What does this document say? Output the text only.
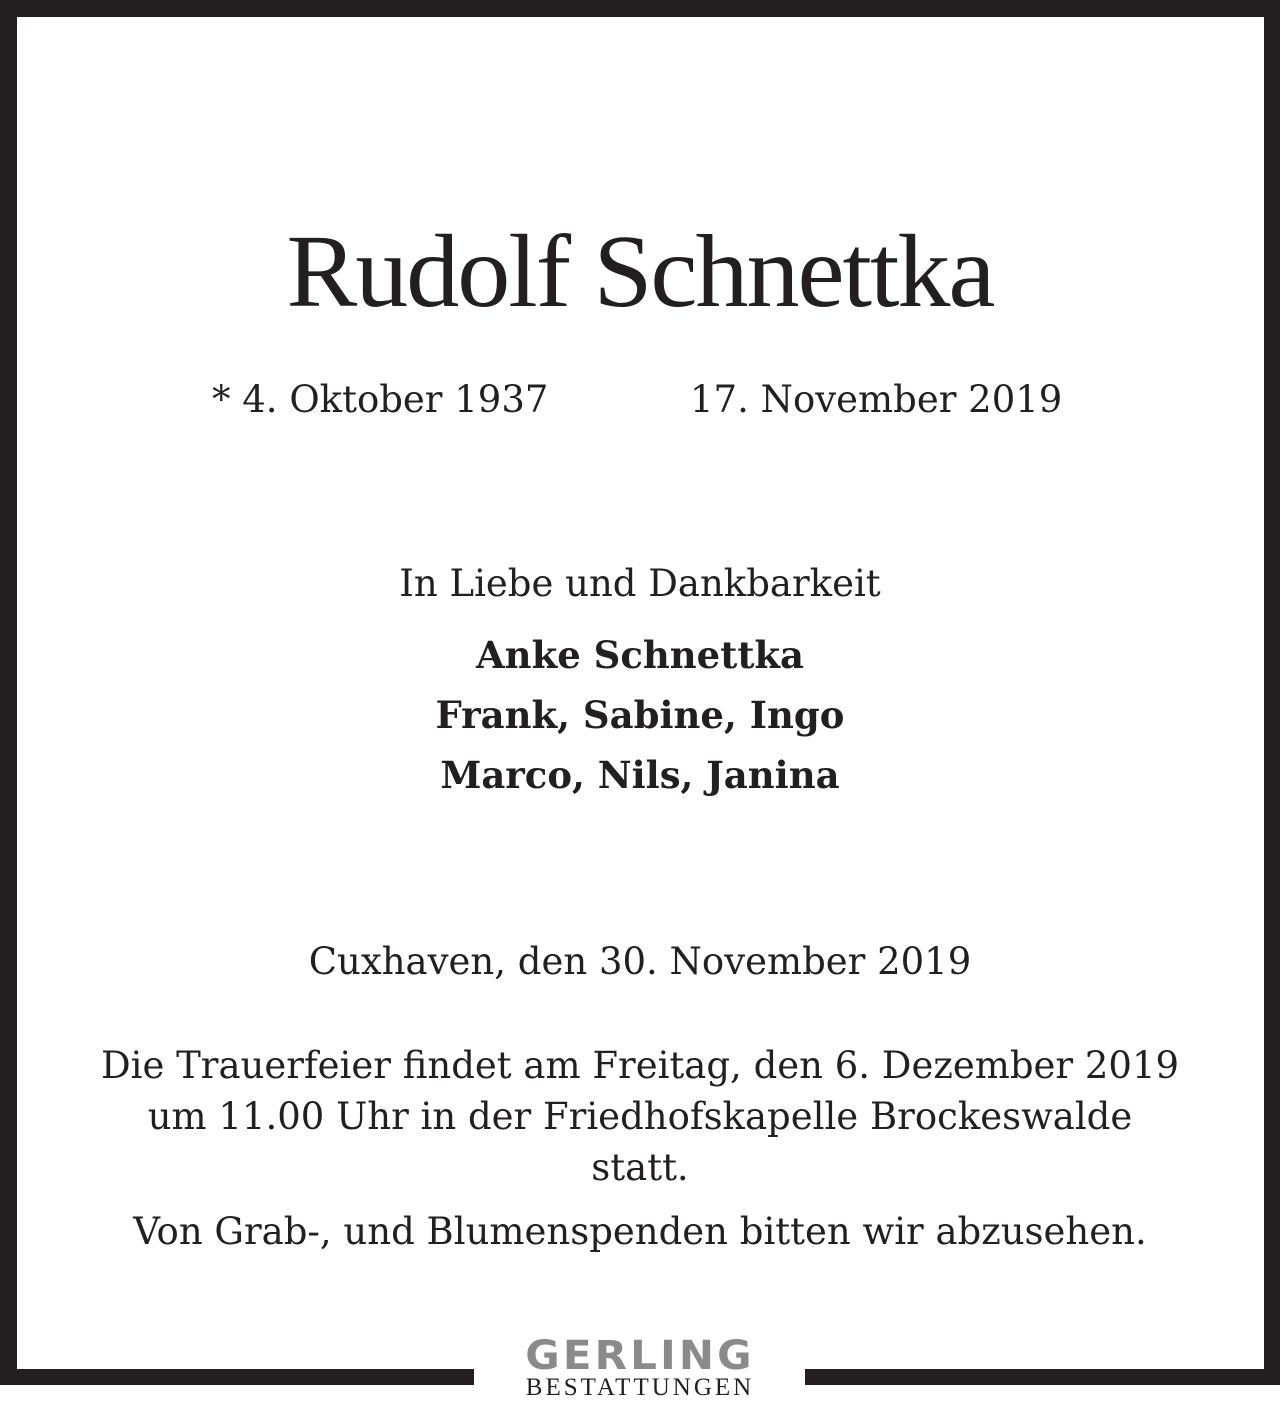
Rudolf Schnettka
* 4. Oktober 1937	17. November 2019
In Liebe und Dankbarkeit
Anke Schnettka
Frank, Sabine, Ingo
Marco, Nils, Janina
Cuxhaven, den 30. November 2019
Die Trauerfeier findet am Freitag, den 6. Dezember 2019
um 11.00 Uhr in der Friedhofskapelle Brockeswalde
statt.
Von Grab-, und Blumenspenden bitten wir abzusehen.
GERLING
BESTATTUNGEN
